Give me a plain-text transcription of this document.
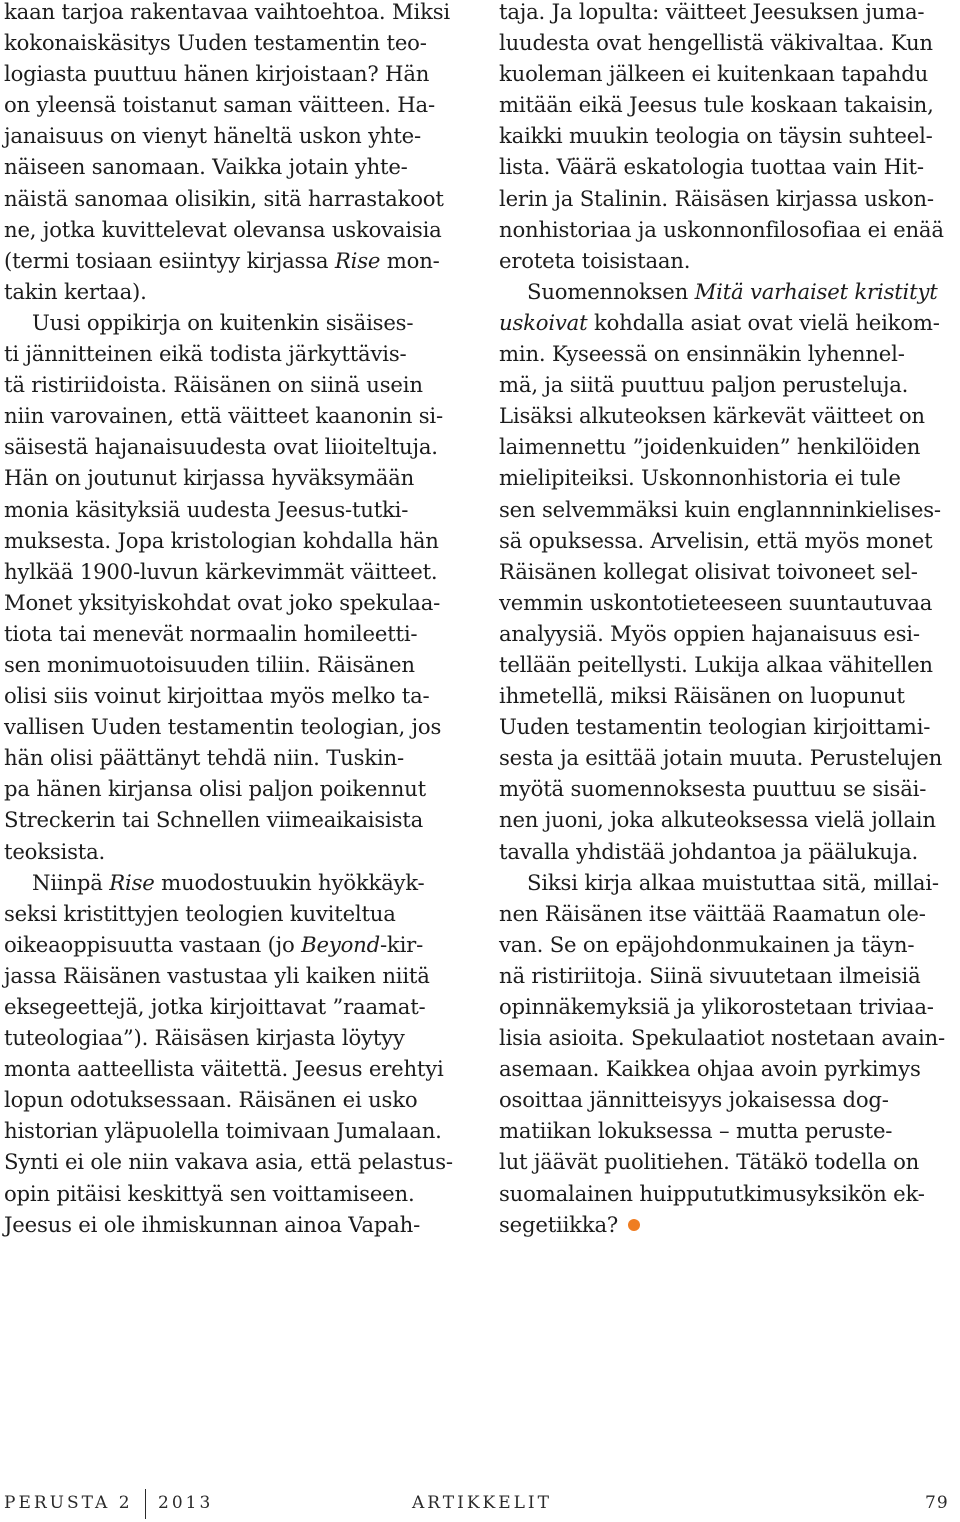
kaan tarjoa rakentavaa vaihtoehtoa. Miksi

kokonaiskäsitys Uuden testamentin teo-

logiasta puuttuu hänen kirjoistaan? Hän

on yleensä toistanut saman väitteen. Ha-

janaisuus on vienyt häneltä uskon yhte-

näiseen sanomaan. Vaikka jotain yhte-

näistä sanomaa olisikin, sitä harrastakoot

ne, jotka kuvittelevat olevansa uskovaisia

(termi tosiaan esiintyy kirjassa Rise mon-

takin kertaa).

Uusi oppikirja on kuitenkin sisäises-

ti jännitteinen eikä todista järkyttävis-

tä ristiriidoista. Räisänen on siinä usein

niin varovainen, että väitteet kaanonin si-

säisestä hajanaisuudesta ovat liioiteltuja.

Hän on joutunut kirjassa hyväksymään

monia käsityksiä uudesta Jeesus-tutki-

muksesta. Jopa kristologian kohdalla hän

hylkää 1900-luvun kärkevimmät väitteet.

Monet yksityiskohdat ovat joko spekulaa-

tiota tai menevät normaalin homileetti-

sen monimuotoisuuden tiliin. Räisänen

olisi siis voinut kirjoittaa myös melko ta-

vallisen Uuden testamentin teologian, jos

hän olisi päättänyt tehdä niin. Tuskin-

pa hänen kirjansa olisi paljon poikennut

Streckerin tai Schnellen viimeaikaisista

teoksista.

Niinpä Rise muodostuukin hyökkäyk-

seksi kristittyjen teologien kuviteltua

oikeaoppisuutta vastaan (jo Beyond-kir-

jassa Räisänen vastustaa yli kaiken niitä

eksegeettejä, jotka kirjoittavat ”raamat-

tuteologiaa”). Räisäsen kirjasta löytyy

monta aatteellista väitettä. Jeesus erehtyi

lopun odotuksessaan. Räisänen ei usko

historian yläpuolella toimivaan Jumalaan.

Synti ei ole niin vakava asia, että pelastus-

opin pitäisi keskittyä sen voittamiseen.

Jeesus ei ole ihmiskunnan ainoa Vapah-

taja. Ja lopulta: väitteet Jeesuksen juma-

luudesta ovat hengellistä väkivaltaa. Kun

kuoleman jälkeen ei kuitenkaan tapahdu

mitään eikä Jeesus tule koskaan takaisin,

kaikki muukin teologia on täysin suhteel-

lista. Väärä eskatologia tuottaa vain Hit-

lerin ja Stalinin. Räisäsen kirjassa uskon-

nonhistoriaa ja uskonnonfilosofiaa ei enää

eroteta toisistaan.

Suomennoksen Mitä varhaiset kristityt

uskoivat kohdalla asiat ovat vielä heikom-

min. Kyseessä on ensinnäkin lyhennel-

mä, ja siitä puuttuu paljon perusteluja.

Lisäksi alkuteoksen kärkevät väitteet on

laimennettu ”joidenkuiden” henkilöiden

mielipiteiksi. Uskonnonhistoria ei tule

sen selvemmäksi kuin englannninkielises-

sä opuksessa. Arvelisin, että myös monet

Räisänen kollegat olisivat toivoneet sel-

vemmin uskontotieteeseen suuntautuvaa

analyysiä. Myös oppien hajanaisuus esi-

tellään peitellysti. Lukija alkaa vähitellen

ihmetellä, miksi Räisänen on luopunut

Uuden testamentin teologian kirjoittami-

sesta ja esittää jotain muuta. Perustelujen

myötä suomennoksesta puuttuu se sisäi-

nen juoni, joka alkuteoksessa vielä jollain

tavalla yhdistää johdantoa ja päälukuja.

Siksi kirja alkaa muistuttaa sitä, millai-

nen Räisänen itse väittää Raamatun ole-

van. Se on epäjohdonmukainen ja täyn-

nä ristiriitoja. Siinä sivuutetaan ilmeisiä

opinnäkemyksiä ja ylikorostetaan triviaa-

lisia asioita. Spekulaatiot nostetaan avain-

asemaan. Kaikkea ohjaa avoin pyrkimys

osoittaa jännitteisyys jokaisessa dog-

matiikan lokuksessa – mutta peruste-

lut jäävät puolitiehen. Tätäkö todella on

suomalainen huippututkimusyksikön ek-

segetiikka?

PERUSTA 2 2013	ARTIKKELIT	79
